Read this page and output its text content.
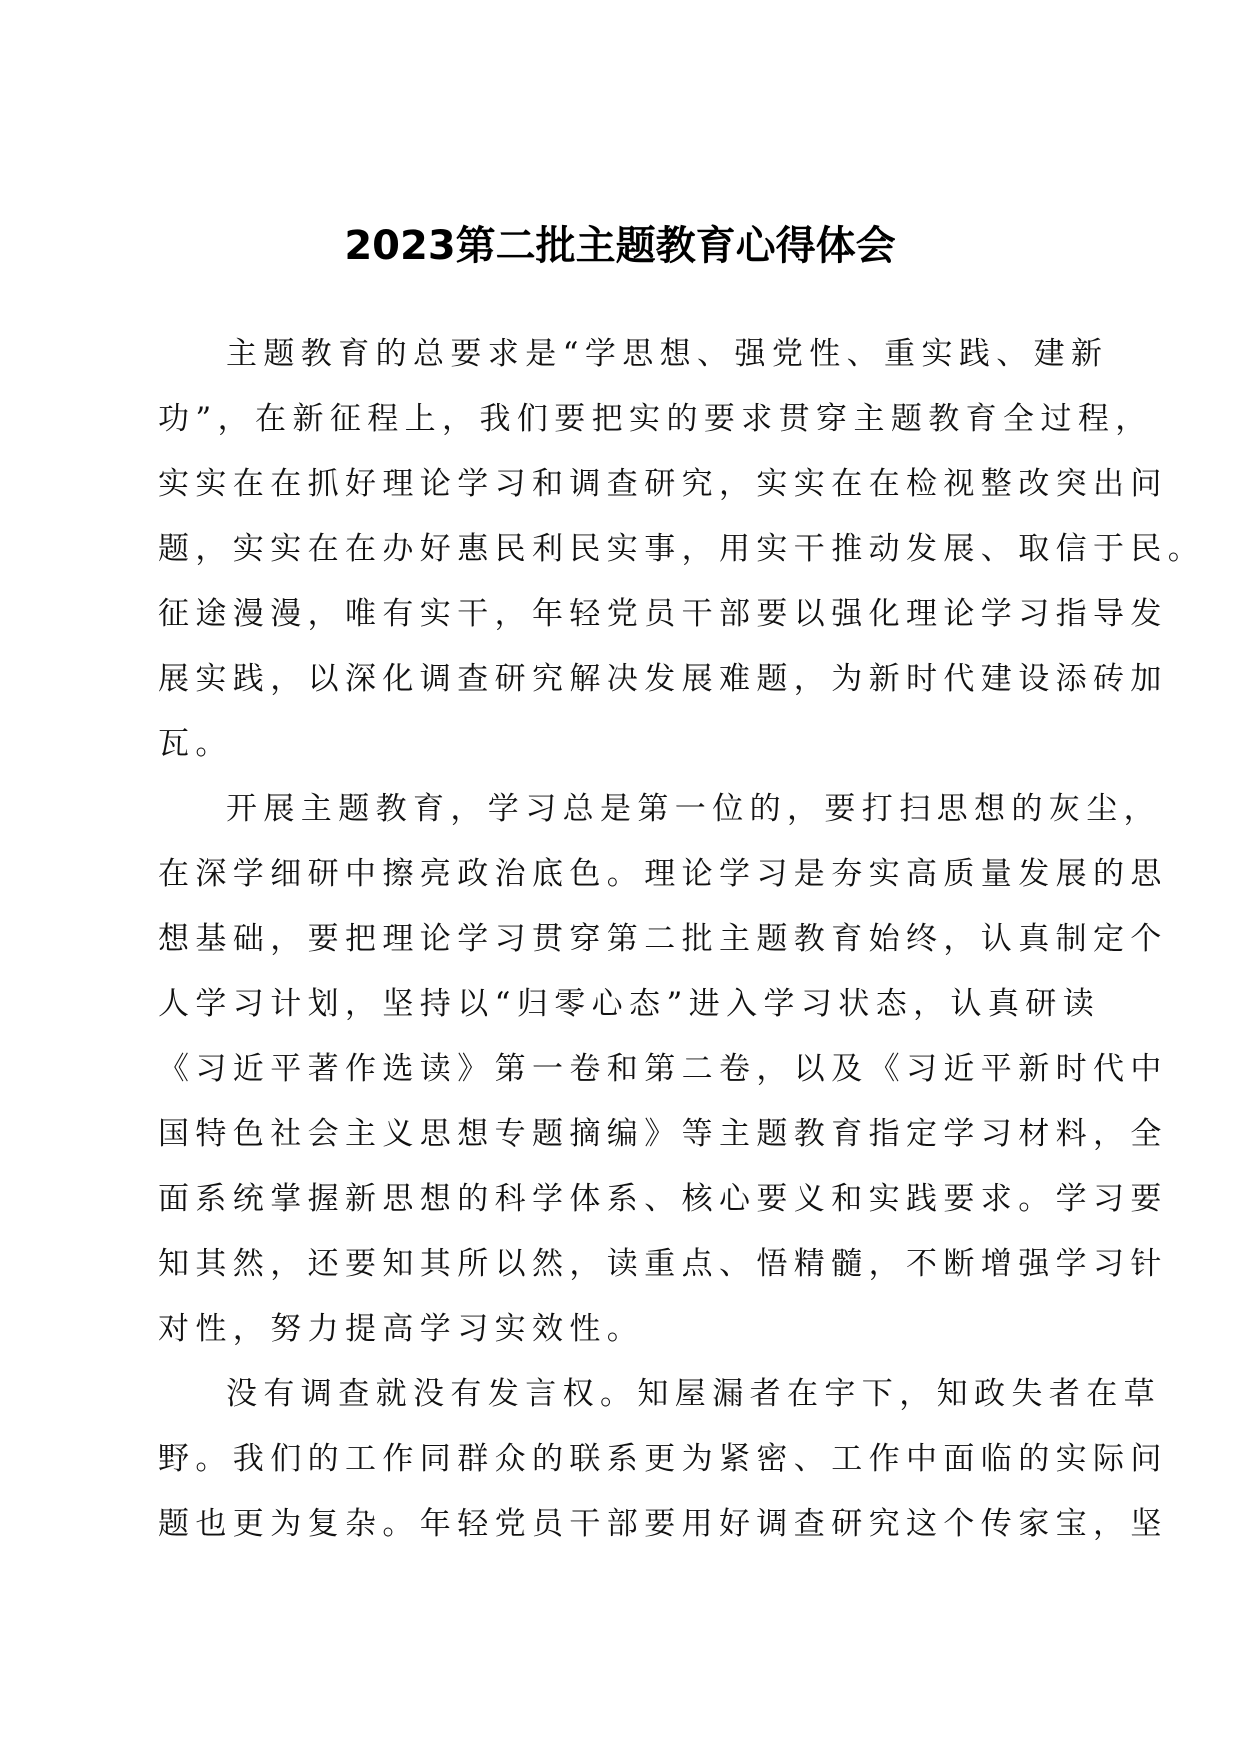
2023第二批主题教育心得体会
主题教育的总要求是“学思想、强党性、重实践、建新
功”，在新征程上，我们要把实的要求贯穿主题教育全过程，
实实在在抓好理论学习和调查研究，实实在在检视整改突出问
题，实实在在办好惠民利民实事，用实干推动发展、取信于民。
征途漫漫，唯有实干，年轻党员干部要以强化理论学习指导发
展实践，以深化调查研究解决发展难题，为新时代建设添砖加
瓦。
开展主题教育，学习总是第一位的，要打扫思想的灰尘，
在深学细研中擦亮政治底色。理论学习是夯实高质量发展的思
想基础，要把理论学习贯穿第二批主题教育始终，认真制定个
人学习计划，坚持以“归零心态”进入学习状态，认真研读
《习近平著作选读》第一卷和第二卷，以及《习近平新时代中
国特色社会主义思想专题摘编》等主题教育指定学习材料，全
面系统掌握新思想的科学体系、核心要义和实践要求。学习要
知其然，还要知其所以然，读重点、悟精髓，不断增强学习针
对性，努力提高学习实效性。
没有调查就没有发言权。知屋漏者在宇下，知政失者在草
野。我们的工作同群众的联系更为紧密、工作中面临的实际问
题也更为复杂。年轻党员干部要用好调查研究这个传家宝，坚
